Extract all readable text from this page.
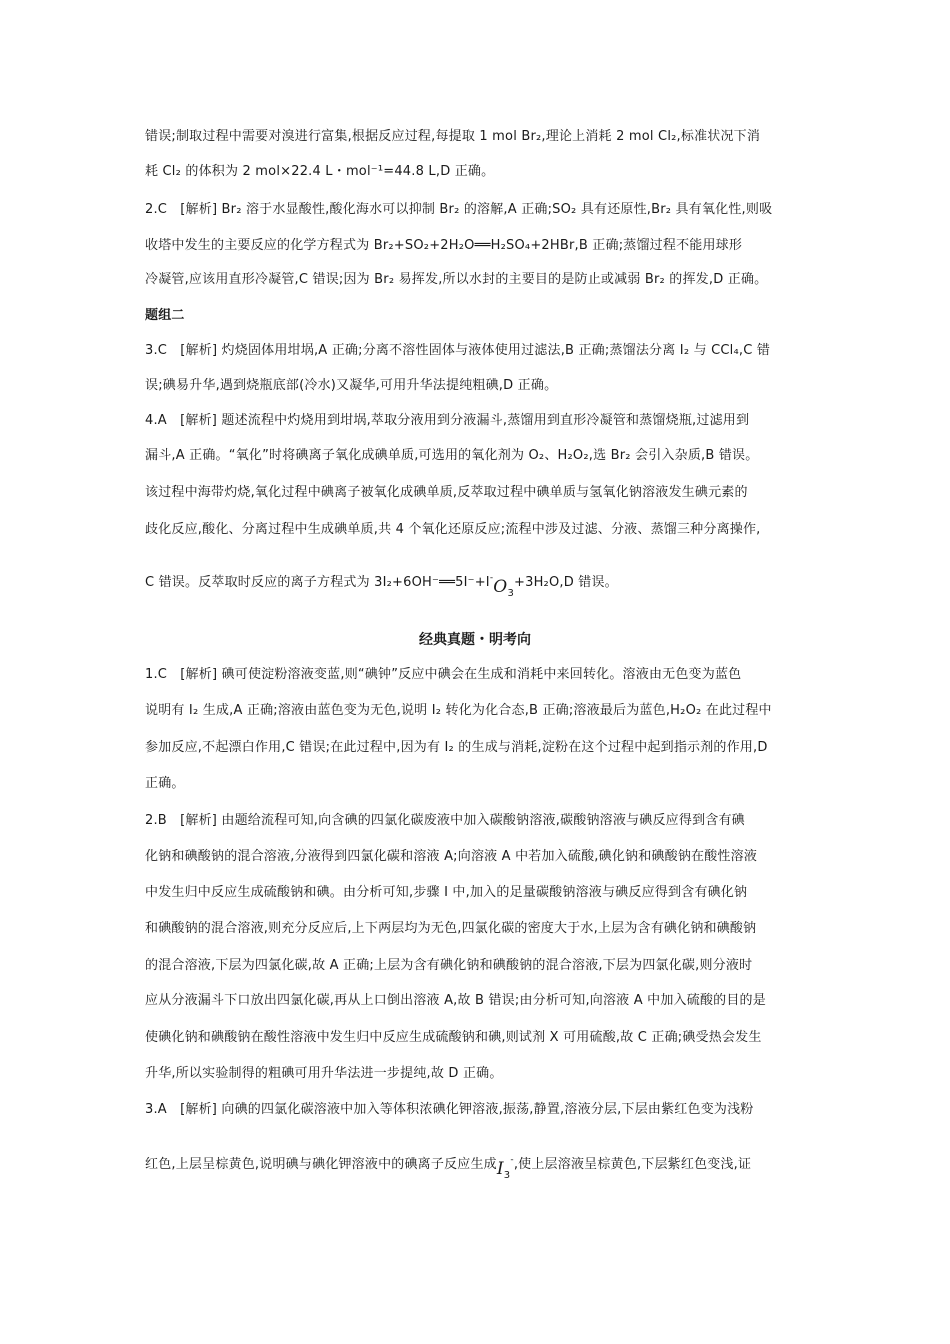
错误;制取过程中需要对溴进行富集,根据反应过程,每提取 1 mol Br₂,理论上消耗 2 mol Cl₂,标准状况下消
耗 Cl₂ 的体积为 2 mol×22.4 L・mol⁻¹=44.8 L,D 正确。
2.C　[解析] Br₂ 溶于水显酸性,酸化海水可以抑制 Br₂ 的溶解,A 正确;SO₂ 具有还原性,Br₂ 具有氧化性,则吸
收塔中发生的主要反应的化学方程式为 Br₂+SO₂+2H₂O══H₂SO₄+2HBr,B 正确;蒸馏过程不能用球形
冷凝管,应该用直形冷凝管,C 错误;因为 Br₂ 易挥发,所以水封的主要目的是防止或减弱 Br₂ 的挥发,D 正确。
题组二
3.C　[解析] 灼烧固体用坩埚,A 正确;分离不溶性固体与液体使用过滤法,B 正确;蒸馏法分离 I₂ 与 CCl₄,C 错
误;碘易升华,遇到烧瓶底部(冷水)又凝华,可用升华法提纯粗碘,D 正确。
4.A　[解析] 题述流程中灼烧用到坩埚,萃取分液用到分液漏斗,蒸馏用到直形冷凝管和蒸馏烧瓶,过滤用到
漏斗,A 正确。“氧化”时将碘离子氧化成碘单质,可选用的氧化剂为 O₂、H₂O₂,选 Br₂ 会引入杂质,B 错误。
该过程中海带灼烧,氧化过程中碘离子被氧化成碘单质,反萃取过程中碘单质与氢氧化钠溶液发生碘元素的
歧化反应,酸化、分离过程中生成碘单质,共 4 个氧化还原反应;流程中涉及过滤、分液、蒸馏三种分离操作,
C 错误。反萃取时反应的离子方程式为 $3I_2+6OH^-══5I^-+I^-O_3+3H_2O,D$ 错误。
经典真题・明考向
1.C　[解析] 碘可使淀粉溶液变蓝,则“碘钟”反应中碘会在生成和消耗中来回转化。溶液由无色变为蓝色
说明有 I₂ 生成,A 正确;溶液由蓝色变为无色,说明 I₂ 转化为化合态,B 正确;溶液最后为蓝色,H₂O₂ 在此过程中
参加反应,不起漂白作用,C 错误;在此过程中,因为有 I₂ 的生成与消耗,淀粉在这个过程中起到指示剂的作用,D
正确。
2.B　[解析] 由题给流程可知,向含碘的四氯化碳废液中加入碳酸钠溶液,碳酸钠溶液与碘反应得到含有碘
化钠和碘酸钠的混合溶液,分液得到四氯化碳和溶液 A;向溶液 A 中若加入硫酸,碘化钠和碘酸钠在酸性溶液
中发生归中反应生成硫酸钠和碘。由分析可知,步骤 Ⅰ 中,加入的足量碳酸钠溶液与碘反应得到含有碘化钠
和碘酸钠的混合溶液,则充分反应后,上下两层均为无色,四氯化碳的密度大于水,上层为含有碘化钠和碘酸钠
的混合溶液,下层为四氯化碳,故 A 正确;上层为含有碘化钠和碘酸钠的混合溶液,下层为四氯化碳,则分液时
应从分液漏斗下口放出四氯化碳,再从上口倒出溶液 A,故 B 错误;由分析可知,向溶液 A 中加入硫酸的目的是
使碘化钠和碘酸钠在酸性溶液中发生归中反应生成硫酸钠和碘,则试剂 X 可用硫酸,故 C 正确;碘受热会发生
升华,所以实验制得的粗碘可用升华法进一步提纯,故 D 正确。
3.A　[解析] 向碘的四氯化碳溶液中加入等体积浓碘化钾溶液,振荡,静置,溶液分层,下层由紫红色变为浅粉
红色,上层呈棕黄色,说明碘与碘化钾溶液中的碘离子反应生成$I_3^-$,使上层溶液呈棕黄色,下层紫红色变浅,证
